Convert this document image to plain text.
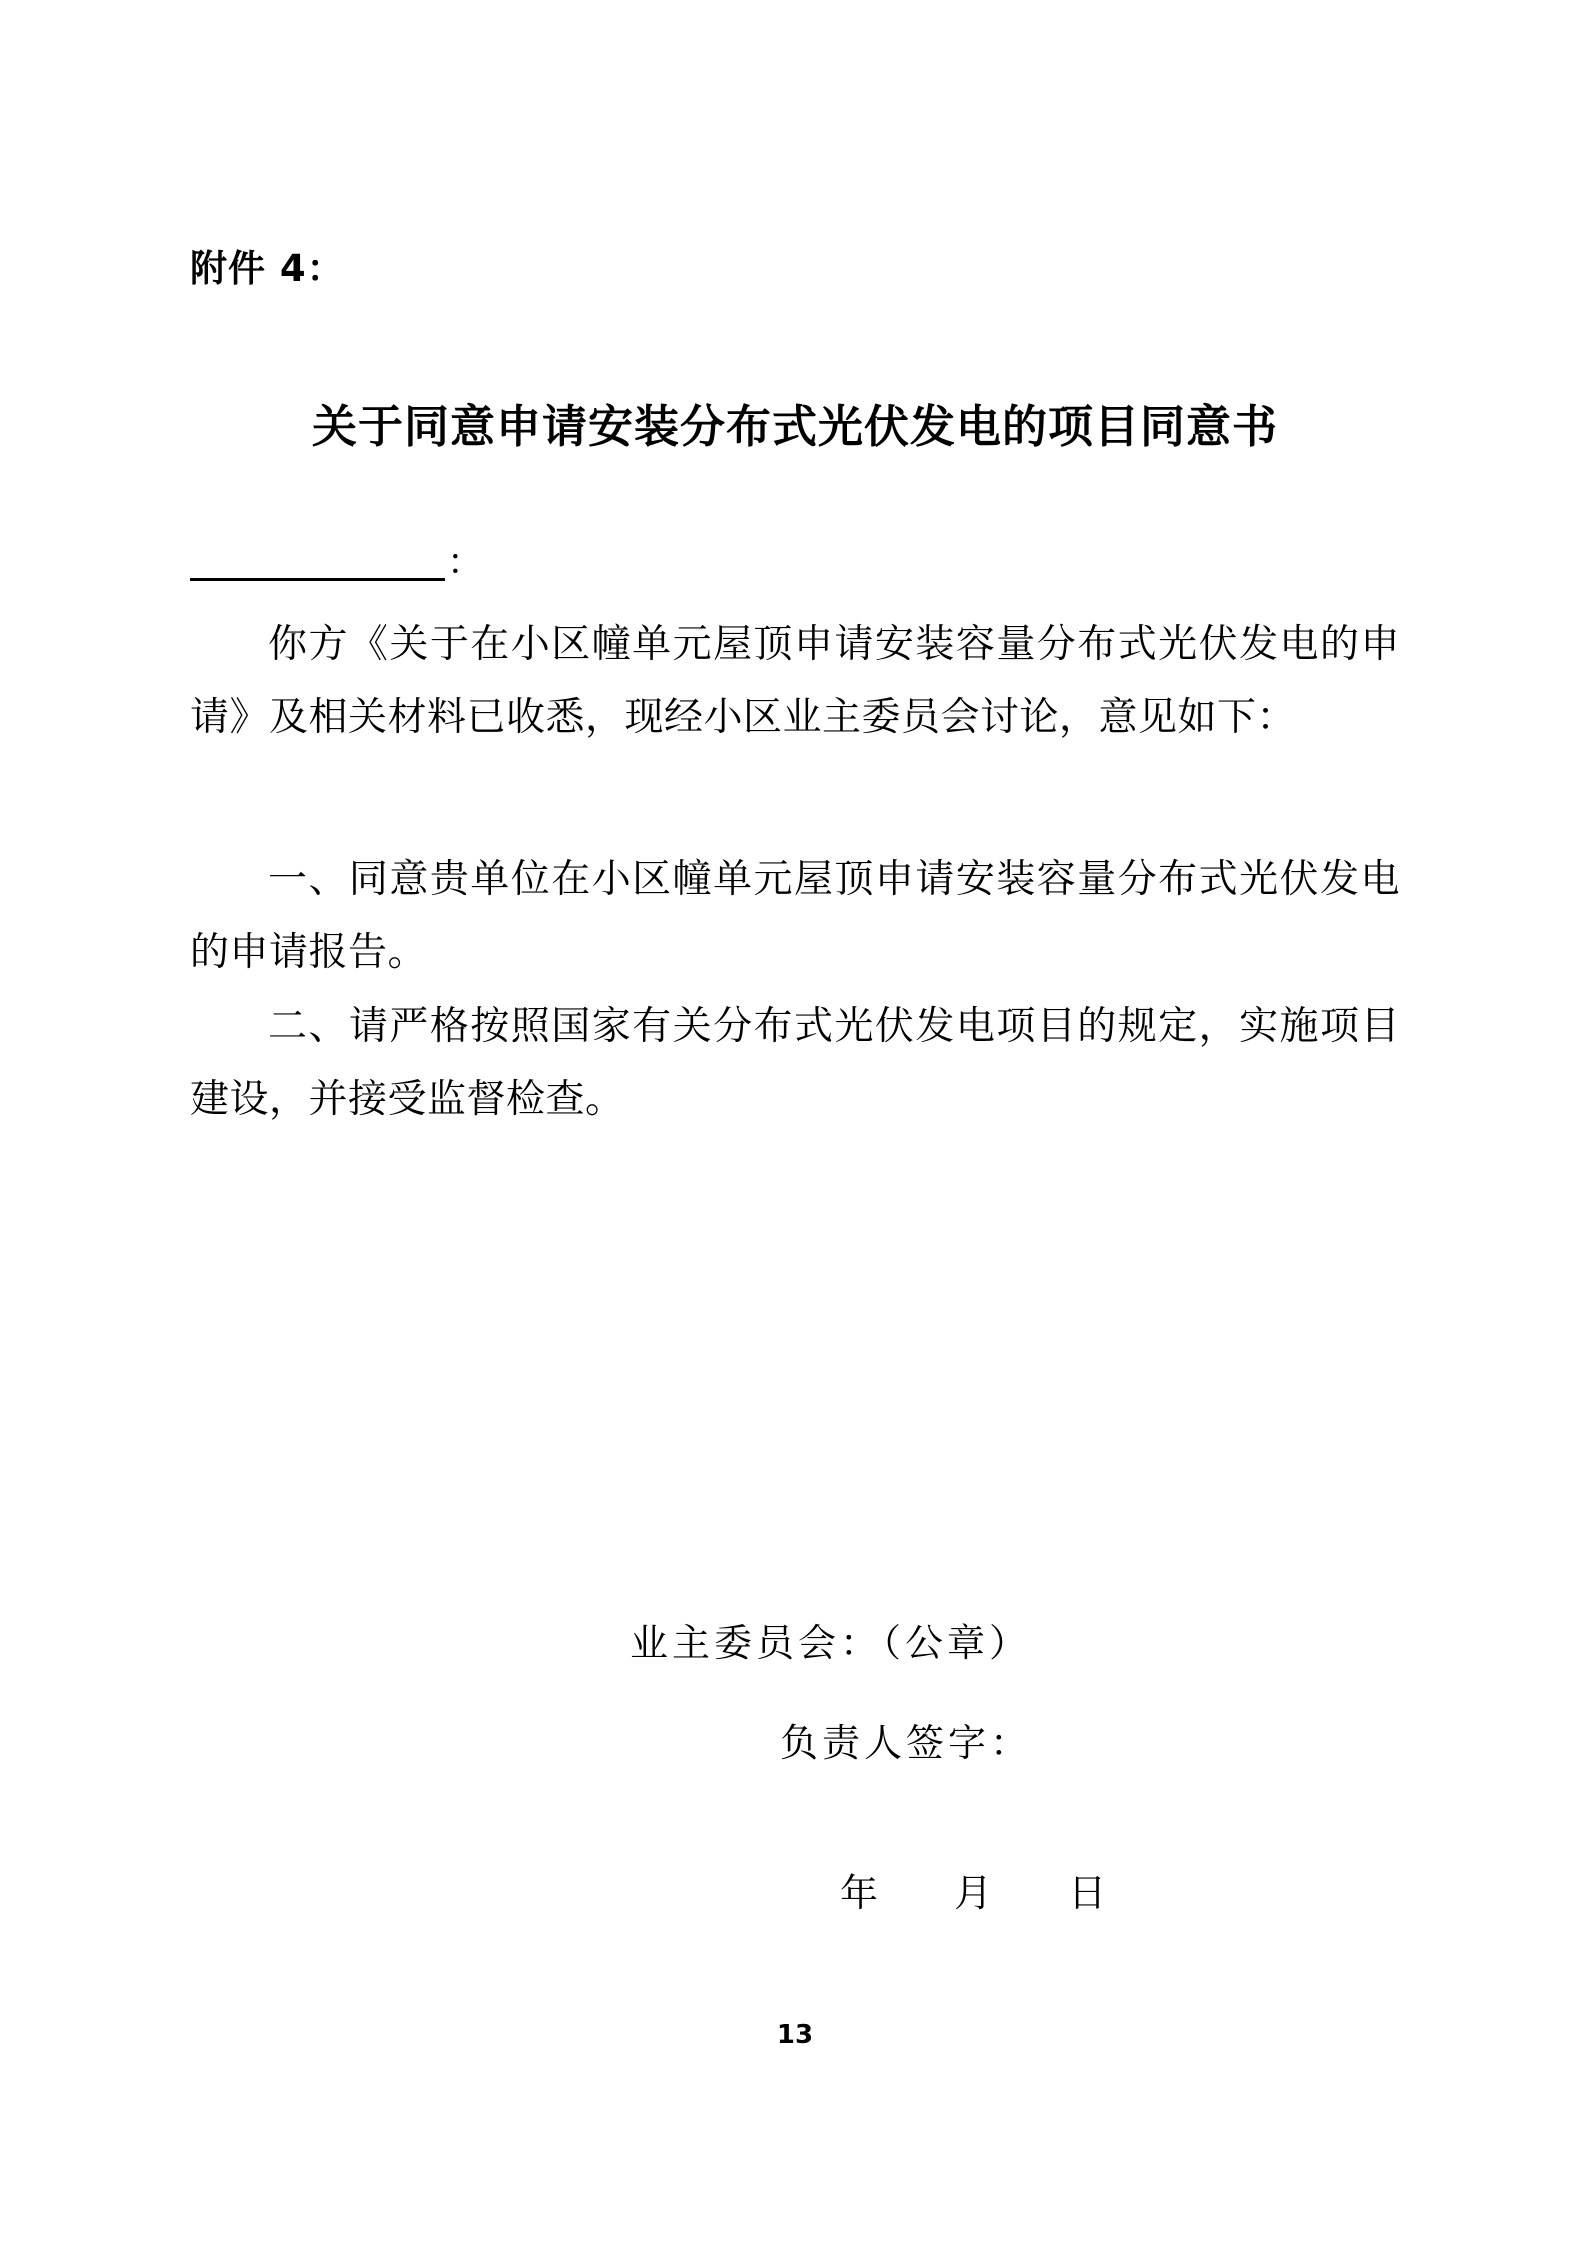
附件 4：
关于同意申请安装分布式光伏发电的项目同意书
：
你方《关于在小区幢单元屋顶申请安装容量分布式光伏发电的申请》及相关材料已收悉，现经小区业主委员会讨论，意见如下：
一、同意贵单位在小区幢单元屋顶申请安装容量分布式光伏发电的申请报告。
二、请严格按照国家有关分布式光伏发电项目的规定，实施项目建设，并接受监督检查。
业主委员会：（公章）
负责人签字：
年 月 日
13
